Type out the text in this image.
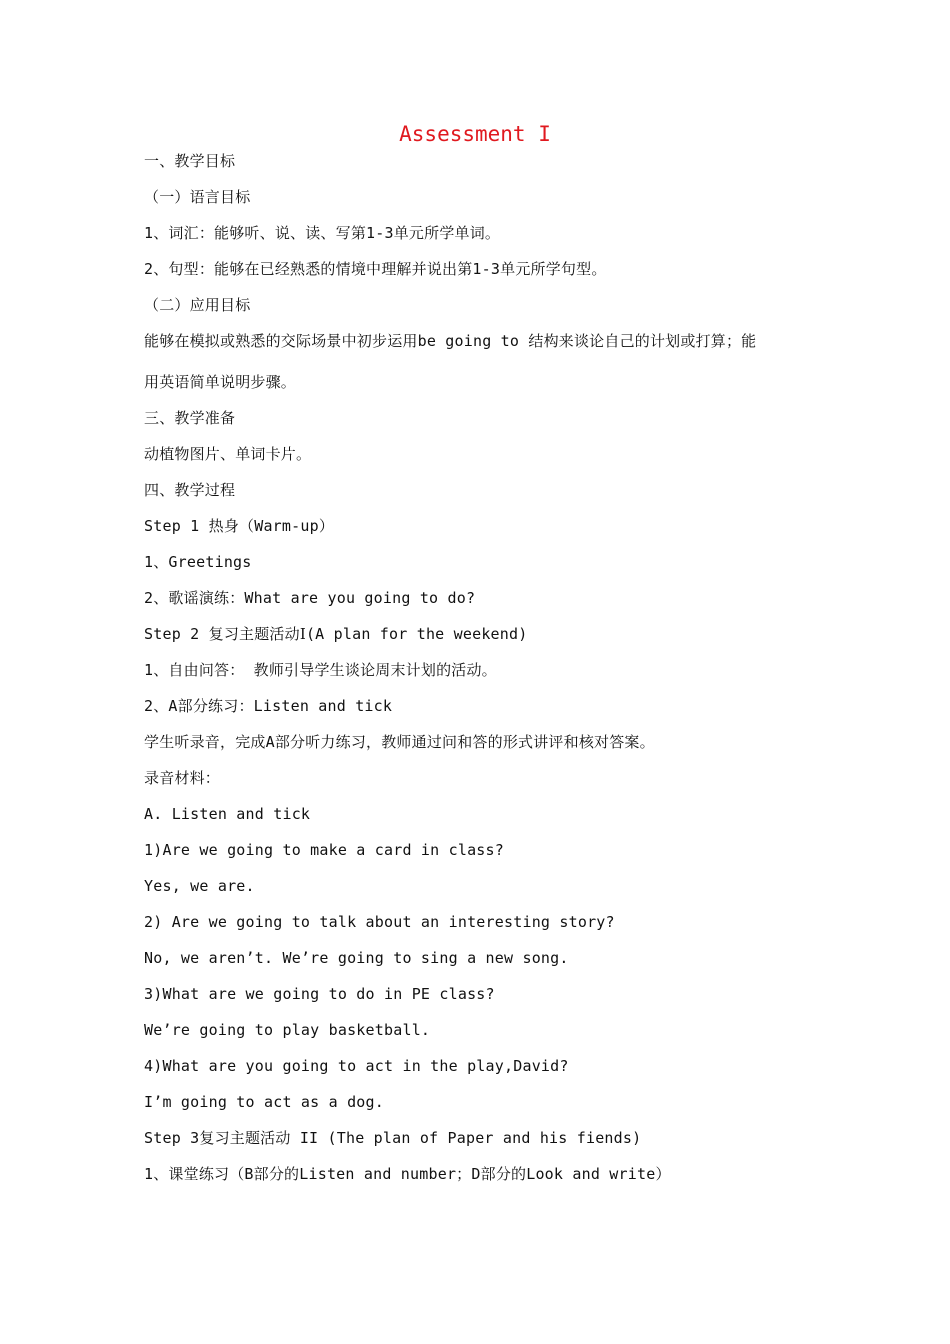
Assessment I
一、教学目标
（一）语言目标
1、词汇：能够听、说、读、写第1-3单元所学单词。
2、句型：能够在已经熟悉的情境中理解并说出第1-3单元所学句型。
（二）应用目标
能够在模拟或熟悉的交际场景中初步运用be going to 结构来谈论自己的计划或打算；能
用英语简单说明步骤。
三、教学准备
动植物图片、单词卡片。
四、教学过程
Step 1 热身（Warm-up）
1、Greetings
2、歌谣演练：What are you going to do?
Step 2 复习主题活动Ⅰ(A plan for the weekend)
1、自由问答： 教师引导学生谈论周末计划的活动。
2、A部分练习：Listen and tick
学生听录音，完成A部分听力练习，教师通过问和答的形式讲评和核对答案。
录音材料：
A. Listen and tick
1)Are we going to make a card in class?
Yes, we are.
2) Are we going to talk about an interesting story?
No, we aren’t. We’re going to sing a new song.
3)What are we going to do in PE class?
We’re going to play basketball.
4)What are you going to act in the play,David?
I’m going to act as a dog.
Step 3复习主题活动 II (The plan of Paper and his fiends)
1、课堂练习（B部分的Listen and number；D部分的Look and write）
